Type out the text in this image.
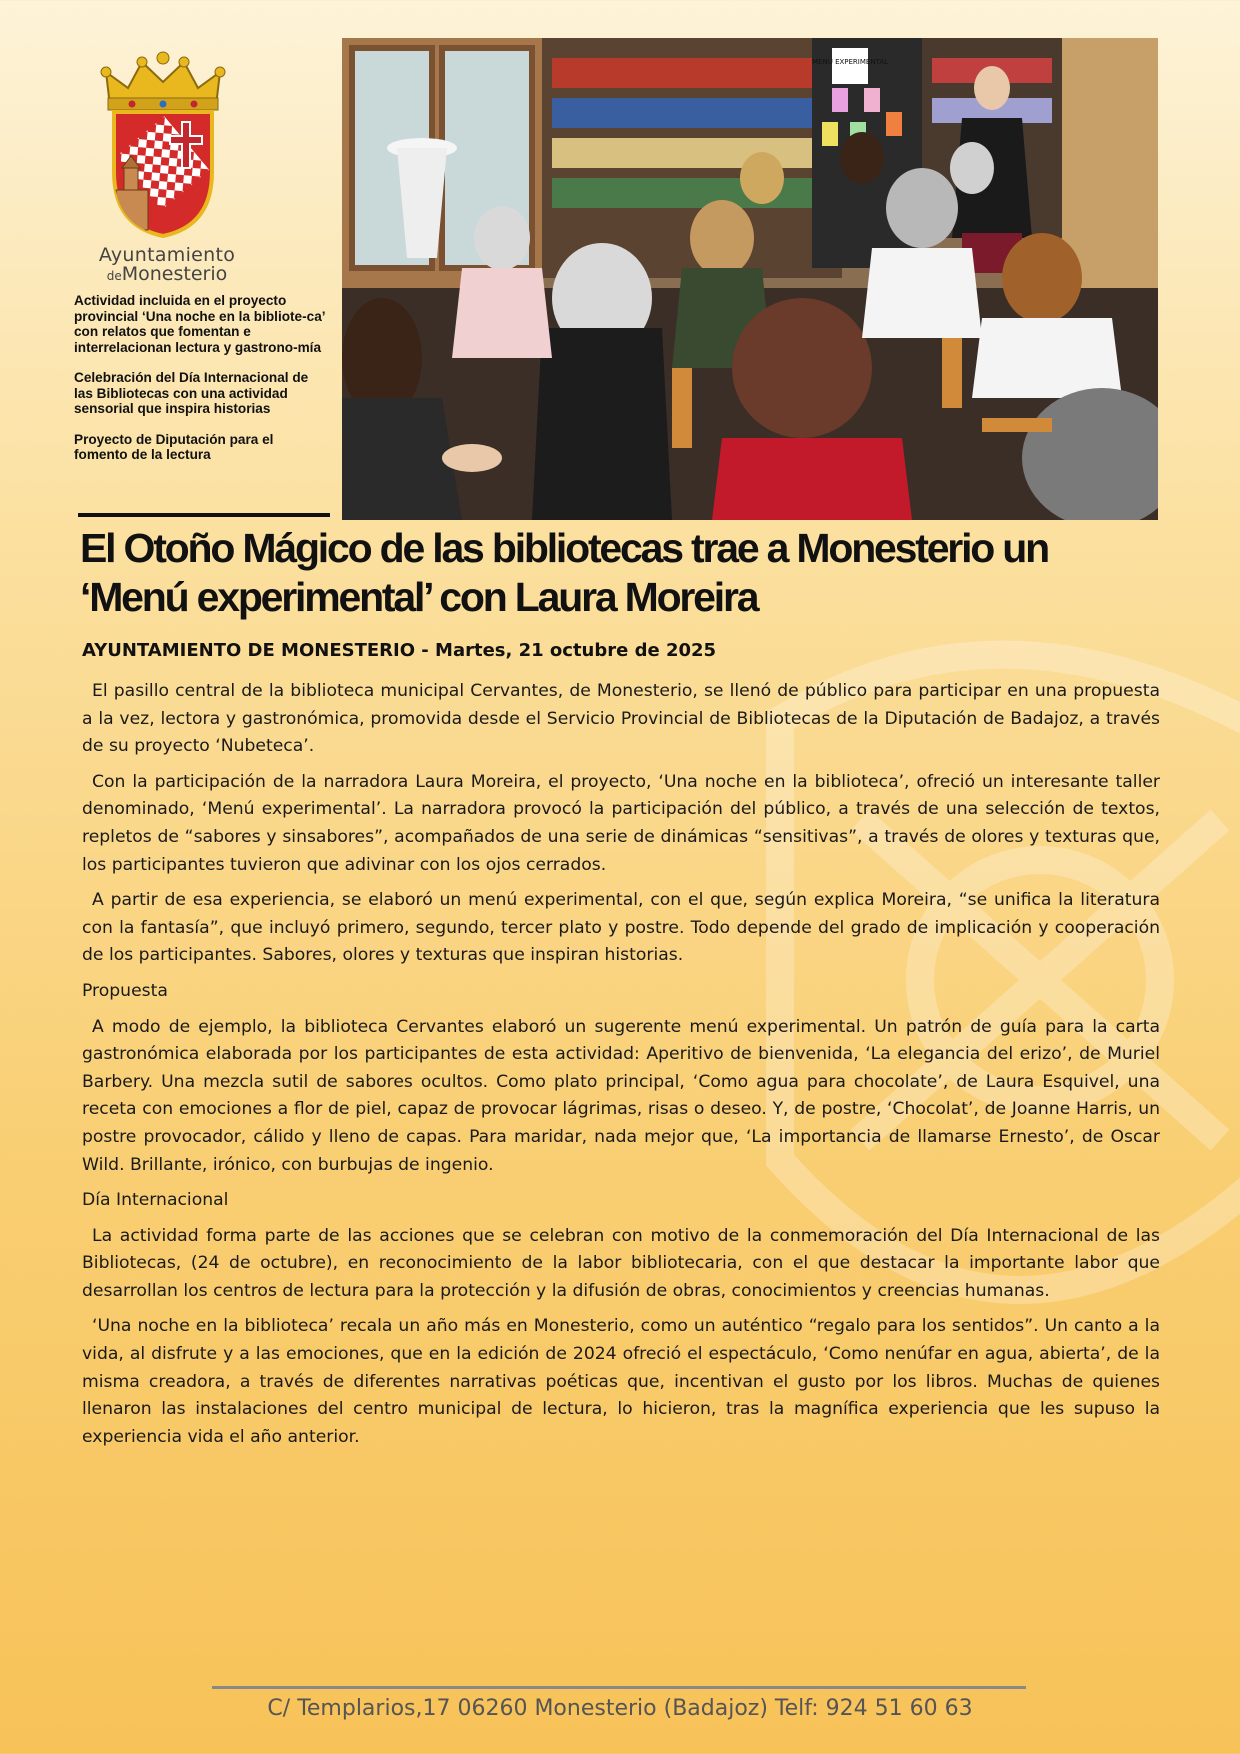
Ayuntamiento
deMonesterio

Actividad incluida en el proyecto provincial ‘Una noche en la bibliote-ca’ con relatos que fomentan e interrelacionan lectura y gastrono-mía

Celebración del Día Internacional de las Bibliotecas con una actividad sensorial que inspira historias

Proyecto de Diputación para el fomento de la lectura

MENU EXPERIMENTAL
El Otoño Mágico de las bibliotecas trae a Monesterio un
‘Menú experimental’ con Laura Moreira
AYUNTAMIENTO DE MONESTERIO - Martes, 21 octubre de 2025

El pasillo central de la biblioteca municipal Cervantes, de Monesterio, se llenó de público para participar en una propuesta a la vez, lectora y gastronómica, promovida desde el Servicio Provincial de Bibliotecas de la Diputación de Badajoz, a través de su proyecto ‘Nubeteca’.

Con la participación de la narradora Laura Moreira, el proyecto, ‘Una noche en la biblioteca’, ofreció un interesante taller denominado, ‘Menú experimental’. La narradora provocó la participación del público, a través de una selección de textos, repletos de “sabores y sinsabores”, acompañados de una serie de dinámicas “sensitivas”, a través de olores y texturas que, los participantes tuvieron que adivinar con los ojos cerrados.

A partir de esa experiencia, se elaboró un menú experimental, con el que, según explica Moreira, “se unifica la literatura con la fantasía”, que incluyó primero, segundo, tercer plato y postre. Todo depende del grado de implicación y cooperación de los participantes. Sabores, olores y texturas que inspiran historias.

Propuesta

A modo de ejemplo, la biblioteca Cervantes elaboró un sugerente menú experimental. Un patrón de guía para la carta gastronómica elaborada por los participantes de esta actividad: Aperitivo de bienvenida, ‘La elegancia del erizo’, de Muriel Barbery. Una mezcla sutil de sabores ocultos. Como plato principal, ‘Como agua para chocolate’, de Laura Esquivel, una receta con emociones a flor de piel, capaz de provocar lágrimas, risas o deseo. Y, de postre, ‘Chocolat’, de Joanne Harris, un postre provocador, cálido y lleno de capas. Para maridar, nada mejor que, ‘La importancia de llamarse Ernesto’, de Oscar Wild. Brillante, irónico, con burbujas de ingenio.

Día Internacional

La actividad forma parte de las acciones que se celebran con motivo de la conmemoración del Día Internacional de las Bibliotecas, (24 de octubre), en reconocimiento de la labor bibliotecaria, con el que destacar la importante labor que desarrollan los centros de lectura para la protección y la difusión de obras, conocimientos y creencias humanas.

‘Una noche en la biblioteca’ recala un año más en Monesterio, como un auténtico “regalo para los sentidos”. Un canto a la vida, al disfrute y a las emociones, que en la edición de 2024 ofreció el espectáculo, ‘Como nenúfar en agua, abierta’, de la misma creadora, a través de diferentes narrativas poéticas que, incentivan el gusto por los libros. Muchas de quienes llenaron las instalaciones del centro municipal de lectura, lo hicieron, tras la magnífica experiencia que les supuso la experiencia vida el año anterior.

C/ Templarios,17 06260 Monesterio (Badajoz) Telf: 924 51 60 63
